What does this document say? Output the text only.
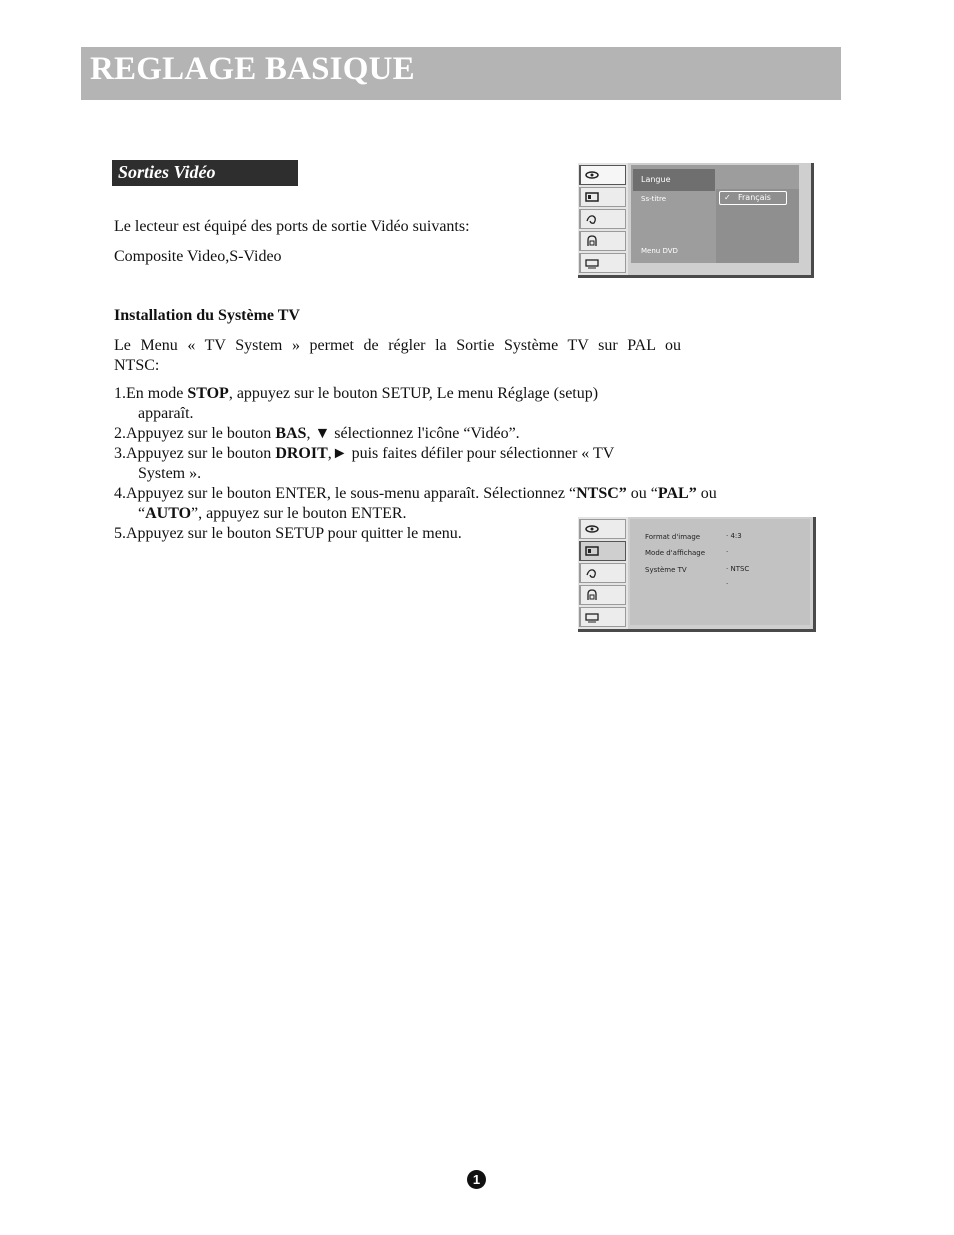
REGLAGE BASIQUE
Sorties Vidéo

Le lecteur est équipé des ports de sortie Vidéo suivants:

Composite Video,S-Video

Installation du Système TV

Le Menu « TV System » permet de régler la Sortie Système TV sur PAL ou

NTSC:

1.En mode STOP, appuyez sur le bouton SETUP, Le menu Réglage (setup)

apparaît.

2.Appuyez sur le bouton BAS, ▼ sélectionnez l'icône “Vidéo”.

3.Appuyez sur le bouton DROIT,► puis faites défiler pour sélectionner « TV

System ».

4.Appuyez sur le bouton ENTER, le sous-menu apparaît. Sélectionnez “NTSC” ou “PAL” ou

“AUTO”, appuyez sur le bouton ENTER.

5.Appuyez sur le bouton SETUP pour quitter le menu.

Langue
Ss-titre
Menu DVD
✓ Français
Format d'image
Mode d'affichage
Système TV
· 4:3
·
· NTSC
·
1
